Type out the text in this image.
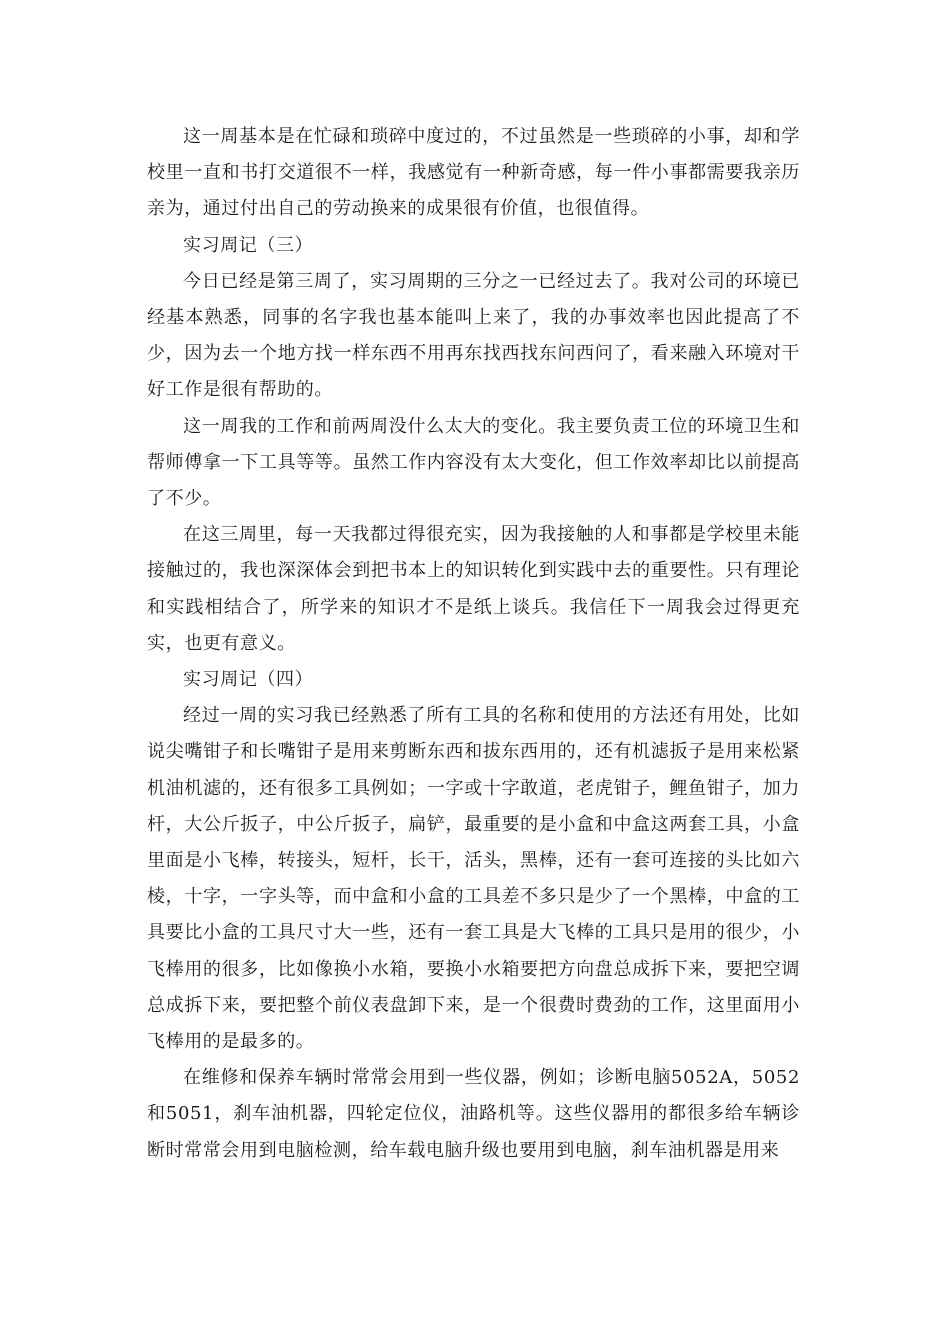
这一周基本是在忙碌和琐碎中度过的，不过虽然是一些琐碎的小事，却和学校里一直和书打交道很不一样，我感觉有一种新奇感，每一件小事都需要我亲历亲为，通过付出自己的劳动换来的成果很有价值，也很值得。

实习周记（三）

今日已经是第三周了，实习周期的三分之一已经过去了。我对公司的环境已经基本熟悉，同事的名字我也基本能叫上来了，我的办事效率也因此提高了不少，因为去一个地方找一样东西不用再东找西找东问西问了，看来融入环境对干好工作是很有帮助的。

这一周我的工作和前两周没什么太大的变化。我主要负责工位的环境卫生和帮师傅拿一下工具等等。虽然工作内容没有太大变化，但工作效率却比以前提高了不少。

在这三周里，每一天我都过得很充实，因为我接触的人和事都是学校里未能接触过的，我也深深体会到把书本上的知识转化到实践中去的重要性。只有理论和实践相结合了，所学来的知识才不是纸上谈兵。我信任下一周我会过得更充实，也更有意义。

实习周记（四）

经过一周的实习我已经熟悉了所有工具的名称和使用的方法还有用处，比如说尖嘴钳子和长嘴钳子是用来剪断东西和拔东西用的，还有机滤扳子是用来松紧机油机滤的，还有很多工具例如；一字或十字敢道，老虎钳子，鲤鱼钳子，加力杆，大公斤扳子，中公斤扳子，扁铲，最重要的是小盒和中盒这两套工具，小盒里面是小飞棒，转接头，短杆，长干，活头，黑棒，还有一套可连接的头比如六棱，十字，一字头等，而中盒和小盒的工具差不多只是少了一个黑棒，中盒的工具要比小盒的工具尺寸大一些，还有一套工具是大飞棒的工具只是用的很少，小飞棒用的很多，比如像换小水箱，要换小水箱要把方向盘总成拆下来，要把空调总成拆下来，要把整个前仪表盘卸下来，是一个很费时费劲的工作，这里面用小飞棒用的是最多的。

在维修和保养车辆时常常会用到一些仪器，例如；诊断电脑5052A，5052和5051，刹车油机器，四轮定位仪，油路机等。这些仪器用的都很多给车辆诊断时常常会用到电脑检测，给车载电脑升级也要用到电脑，刹车油机器是用来
